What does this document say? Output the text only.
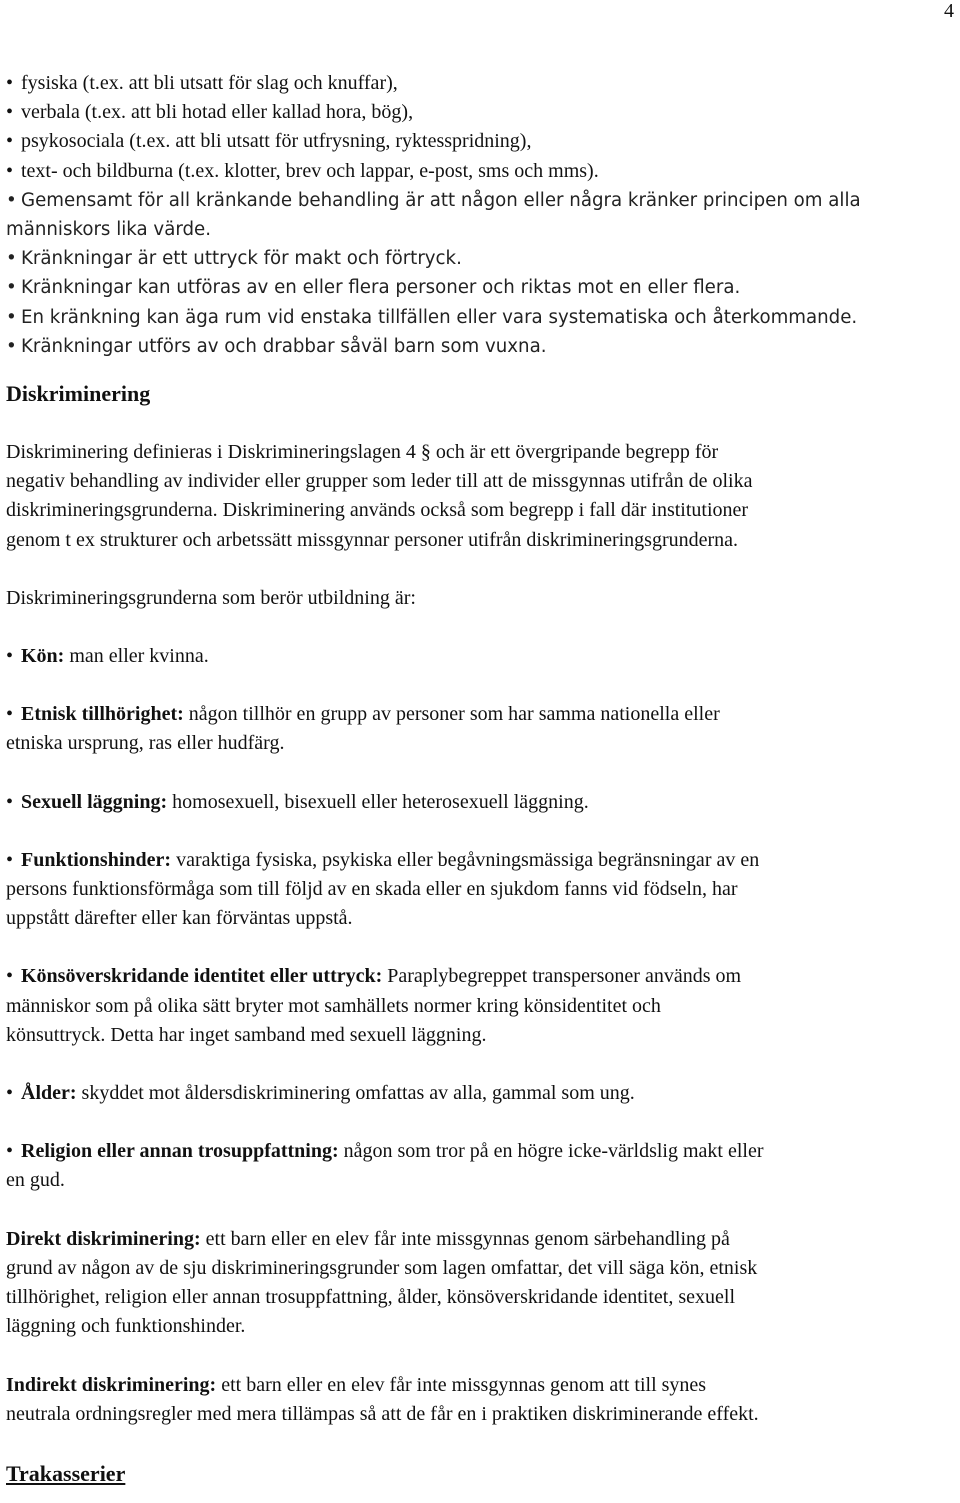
4

• fysiska (t.ex. att bli utsatt för slag och knuffar),

• verbala (t.ex. att bli hotad eller kallad hora, bög),

• psykosociala (t.ex. att bli utsatt för utfrysning, ryktesspridning),

• text- och bildburna (t.ex. klotter, brev och lappar, e-post, sms och mms).

• Gemensamt för all kränkande behandling är att någon eller några kränker principen om alla

människors lika värde.

• Kränkningar är ett uttryck för makt och förtryck.

• Kränkningar kan utföras av en eller flera personer och riktas mot en eller flera.

• En kränkning kan äga rum vid enstaka tillfällen eller vara systematiska och återkommande.

• Kränkningar utförs av och drabbar såväl barn som vuxna.

Diskriminering

Diskriminering definieras i Diskrimineringslagen 4 § och är ett övergripande begrepp för

negativ behandling av individer eller grupper som leder till att de missgynnas utifrån de olika

diskrimineringsgrunderna. Diskriminering används också som begrepp i fall där institutioner

genom t ex strukturer och arbetssätt missgynnar personer utifrån diskrimineringsgrunderna.

Diskrimineringsgrunderna som berör utbildning är:

• Kön: man eller kvinna.

• Etnisk tillhörighet: någon tillhör en grupp av personer som har samma nationella eller

etniska ursprung, ras eller hudfärg.

• Sexuell läggning: homosexuell, bisexuell eller heterosexuell läggning.

• Funktionshinder: varaktiga fysiska, psykiska eller begåvningsmässiga begränsningar av en

persons funktionsförmåga som till följd av en skada eller en sjukdom fanns vid födseln, har

uppstått därefter eller kan förväntas uppstå.

• Könsöverskridande identitet eller uttryck: Paraplybegreppet transpersoner används om

människor som på olika sätt bryter mot samhällets normer kring könsidentitet och

könsuttryck. Detta har inget samband med sexuell läggning.

• Ålder: skyddet mot åldersdiskriminering omfattas av alla, gammal som ung.

• Religion eller annan trosuppfattning: någon som tror på en högre icke-världslig makt eller

en gud.

Direkt diskriminering: ett barn eller en elev får inte missgynnas genom särbehandling på

grund av någon av de sju diskrimineringsgrunder som lagen omfattar, det vill säga kön, etnisk

tillhörighet, religion eller annan trosuppfattning, ålder, könsöverskridande identitet, sexuell

läggning och funktionshinder.

Indirekt diskriminering: ett barn eller en elev får inte missgynnas genom att till synes

neutrala ordningsregler med mera tillämpas så att de får en i praktiken diskriminerande effekt.

Trakasserier
